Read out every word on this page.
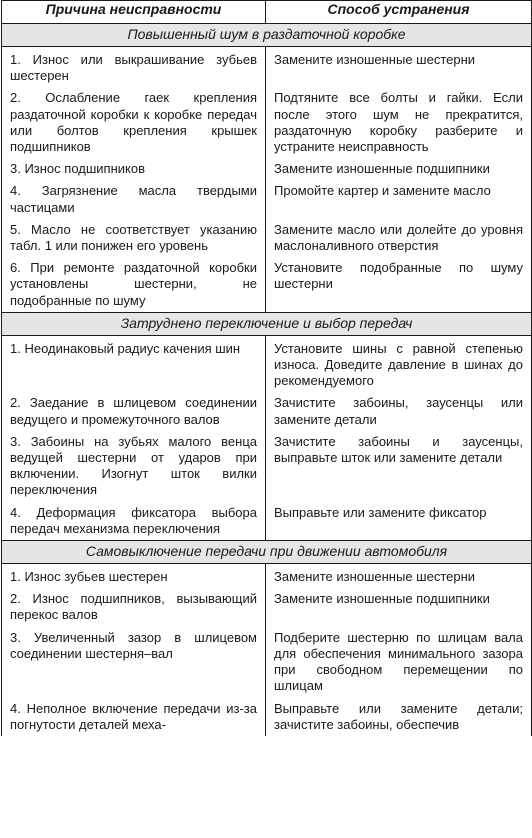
Причина неисправности	Способ устранения
Повышенный шум в раздаточной коробке	

1. Износ или выкрашивание зубьев шестерен	Замените изношенные шестерни

2. Ослабление гаек крепления раздаточной коробки к коробке передач или болтов крепления крышек подшипников	Подтяните все болты и гайки. Если после этого шум не прекратится, раздаточную коробку разберите и устраните неисправность

3. Износ подшипников	Замените изношенные подшипники

4. Загрязнение масла твердыми частицами	Промойте картер и замените масло

5. Масло не соответствует указанию табл. 1 или понижен его уровень	Замените масло или долейте до уровня маслоналивного отверстия

6. При ремонте раздаточной коробки установлены шестерни, не подобранные по шуму	Установите подобранные по шуму шестерни

Затруднено переключение и выбор передач	

1. Неодинаковый радиус качения шин	Установите шины с равной степенью износа. Доведите давление в шинах до рекомендуемого

2. Заедание в шлицевом соединении ведущего и промежуточного валов	Зачистите забоины, заусенцы или замените детали

3. Забоины на зубьях малого венца ведущей шестерни от ударов при включении. Изогнут шток вилки переключения	Зачистите забоины и заусенцы, выправьте шток или замените детали

4. Деформация фиксатора выбора передач механизма переключения	Выправьте или замените фиксатор

Самовыключение передачи при движении автомобиля	

1. Износ зубьев шестерен	Замените изношенные шестерни

2. Износ подшипников, вызывающий перекос валов	Замените изношенные подшипники

3. Увеличенный зазор в шлицевом соединении шестерня–вал	Подберите шестерню по шлицам вала для обеспечения минимального зазора при свободном перемещении по шлицам

4. Неполное включение передачи из-за погнутости деталей меха-	Выправьте или замените детали; зачистите забоины, обеспечив
